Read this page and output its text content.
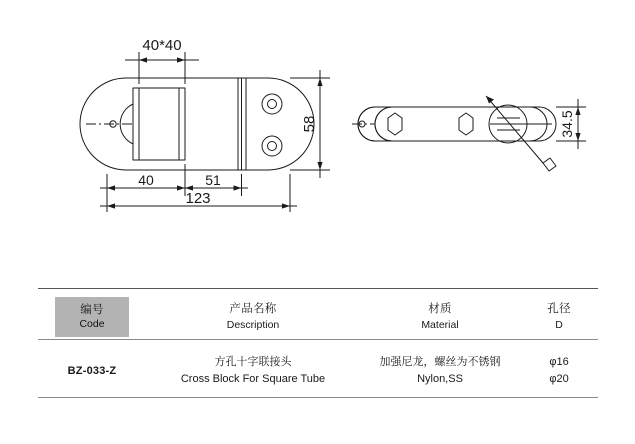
40*40
58
40	51
123
34.5
编号
Code
产品名称
Description
材质
Material
孔径
D
BZ-033-Z
方孔十字联接头
Cross Block For Square Tube
加强尼龙，螺丝为不锈钢
Nylon,SS
φ16
φ20
